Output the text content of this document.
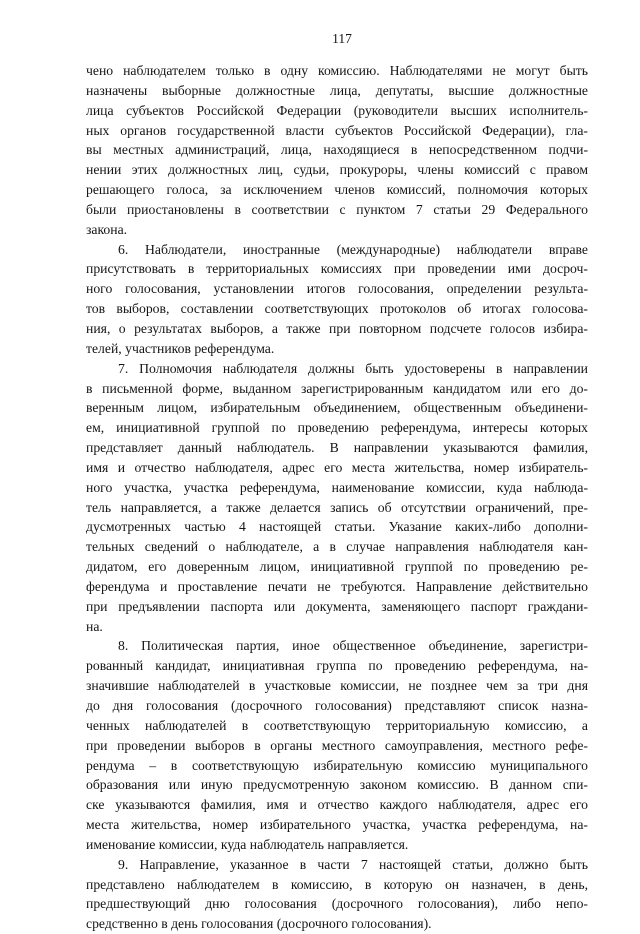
117
чено наблюдателем только в одну комиссию. Наблюдателями не могут быть
назначены выборные должностные лица, депутаты, высшие должностные
лица субъектов Российской Федерации (руководители высших исполнитель-
ных органов государственной власти субъектов Российской Федерации), гла-
вы местных администраций, лица, находящиеся в непосредственном подчи-
нении этих должностных лиц, судьи, прокуроры, члены комиссий с правом
решающего голоса, за исключением членов комиссий, полномочия которых
были приостановлены в соответствии с пунктом 7 статьи 29 Федерального
закона.
6. Наблюдатели, иностранные (международные) наблюдатели вправе
присутствовать в территориальных комиссиях при проведении ими досроч-
ного голосования, установлении итогов голосования, определении результа-
тов выборов, составлении соответствующих протоколов об итогах голосова-
ния, о результатах выборов, а также при повторном подсчете голосов избира-
телей, участников референдума.
7. Полномочия наблюдателя должны быть удостоверены в направлении
в письменной форме, выданном зарегистрированным кандидатом или его до-
веренным лицом, избирательным объединением, общественным объединени-
ем, инициативной группой по проведению референдума, интересы которых
представляет данный наблюдатель. В направлении указываются фамилия,
имя и отчество наблюдателя, адрес его места жительства, номер избиратель-
ного участка, участка референдума, наименование комиссии, куда наблюда-
тель направляется, а также делается запись об отсутствии ограничений, пре-
дусмотренных частью 4 настоящей статьи. Указание каких-либо дополни-
тельных сведений о наблюдателе, а в случае направления наблюдателя кан-
дидатом, его доверенным лицом, инициативной группой по проведению ре-
ферендума и проставление печати не требуются. Направление действительно
при предъявлении паспорта или документа, заменяющего паспорт граждани-
на.
8. Политическая партия, иное общественное объединение, зарегистри-
рованный кандидат, инициативная группа по проведению референдума, на-
значившие наблюдателей в участковые комиссии, не позднее чем за три дня
до дня голосования (досрочного голосования) представляют список назна-
ченных наблюдателей в соответствующую территориальную комиссию, а
при проведении выборов в органы местного самоуправления, местного рефе-
рендума – в соответствующую избирательную комиссию муниципального
образования или иную предусмотренную законом комиссию. В данном спи-
ске указываются фамилия, имя и отчество каждого наблюдателя, адрес его
места жительства, номер избирательного участка, участка референдума, на-
именование комиссии, куда наблюдатель направляется.
9. Направление, указанное в части 7 настоящей статьи, должно быть
представлено наблюдателем в комиссию, в которую он назначен, в день,
предшествующий дню голосования (досрочного голосования), либо непо-
средственно в день голосования (досрочного голосования).
